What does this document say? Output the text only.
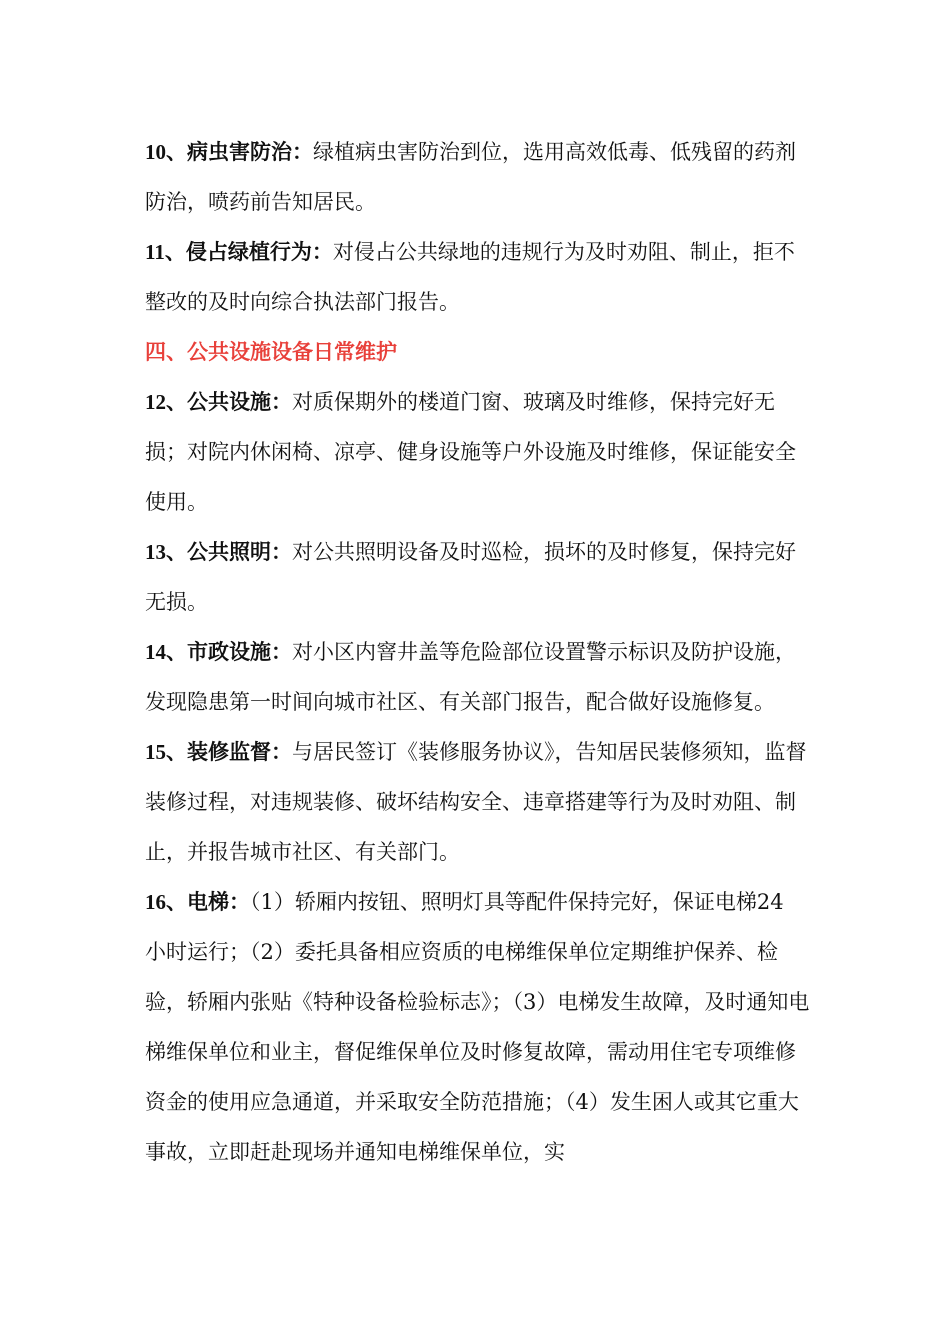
10、病虫害防治：绿植病虫害防治到位，选用高效低毒、低残留的药剂防治，喷药前告知居民。

11、侵占绿植行为：对侵占公共绿地的违规行为及时劝阻、制止，拒不整改的及时向综合执法部门报告。

四、公共设施设备日常维护

12、公共设施：对质保期外的楼道门窗、玻璃及时维修，保持完好无损；对院内休闲椅、凉亭、健身设施等户外设施及时维修，保证能安全使用。

13、公共照明：对公共照明设备及时巡检，损坏的及时修复，保持完好无损。

14、市政设施：对小区内窨井盖等危险部位设置警示标识及防护设施，发现隐患第一时间向城市社区、有关部门报告，配合做好设施修复。

15、装修监督：与居民签订《装修服务协议》，告知居民装修须知，监督装修过程，对违规装修、破坏结构安全、违章搭建等行为及时劝阻、制止，并报告城市社区、有关部门。

16、电梯：（1）轿厢内按钮、照明灯具等配件保持完好，保证电梯24 小时运行；（2）委托具备相应资质的电梯维保单位定期维护保养、检验，轿厢内张贴《特种设备检验标志》；（3）电梯发生故障，及时通知电梯维保单位和业主，督促维保单位及时修复故障，需动用住宅专项维修资金的使用应急通道，并采取安全防范措施；（4）发生困人或其它重大事故，立即赶赴现场并通知电梯维保单位，实
